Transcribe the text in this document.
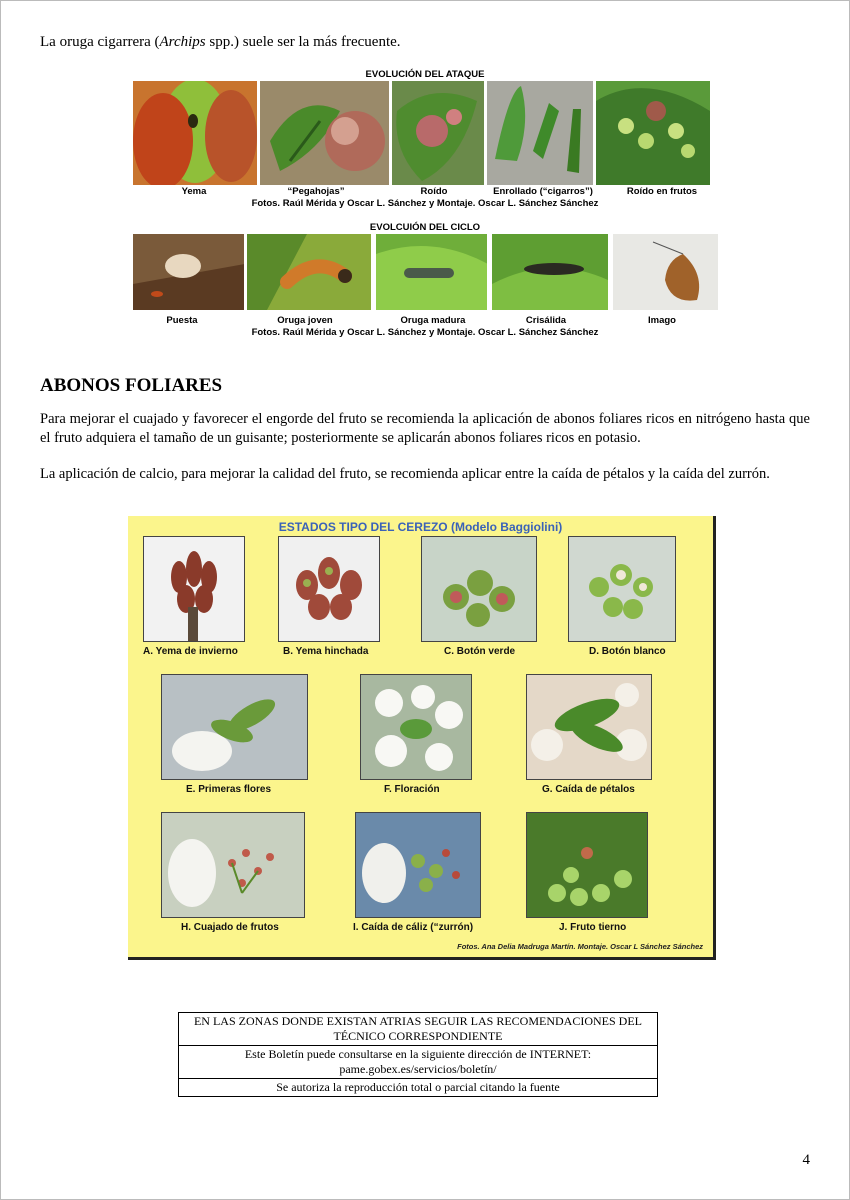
La oruga cigarrera (Archips spp.) suele ser la más frecuente.
EVOLUCIÓN DEL ATAQUE
Yema	“Pegahojas”	Roído	Enrollado (“cigarros”)	Roído en frutos
Fotos. Raúl Mérida y Oscar L. Sánchez y Montaje. Oscar L. Sánchez Sánchez
EVOLCUIÓN DEL CICLO
Puesta	Oruga joven	Oruga madura	Crisálida	Imago
Fotos. Raúl Mérida y Oscar L. Sánchez y Montaje. Oscar L. Sánchez Sánchez
ABONOS FOLIARES

Para mejorar el cuajado y favorecer el engorde del fruto se recomienda la aplicación de abonos foliares ricos en nitrógeno hasta que el fruto adquiera el tamaño de un guisante; posteriormente se aplicarán abonos foliares ricos en potasio.

La aplicación de calcio, para mejorar la calidad del fruto, se recomienda aplicar entre la caída de pétalos y la caída del zurrón.

ESTADOS TIPO DEL CEREZO (Modelo Baggiolini)
A. Yema de invierno	B. Yema hinchada	C. Botón verde	D. Botón blanco
E. Primeras flores	F. Floración	G. Caída de pétalos
H. Cuajado de frutos	I. Caída de cáliz (“zurrón)	J. Fruto tierno
Fotos. Ana Delia Madruga Martín. Montaje. Oscar L Sánchez Sánchez
EN LAS ZONAS DONDE EXISTAN ATRIAS SEGUIR LAS RECOMENDACIONES DEL TÉCNICO CORRESPONDIENTE

Este Boletín puede consultarse en la siguiente dirección de INTERNET:
pame.gobex.es/servicios/boletín/

Se autoriza la reproducción total o parcial citando la fuente
4
